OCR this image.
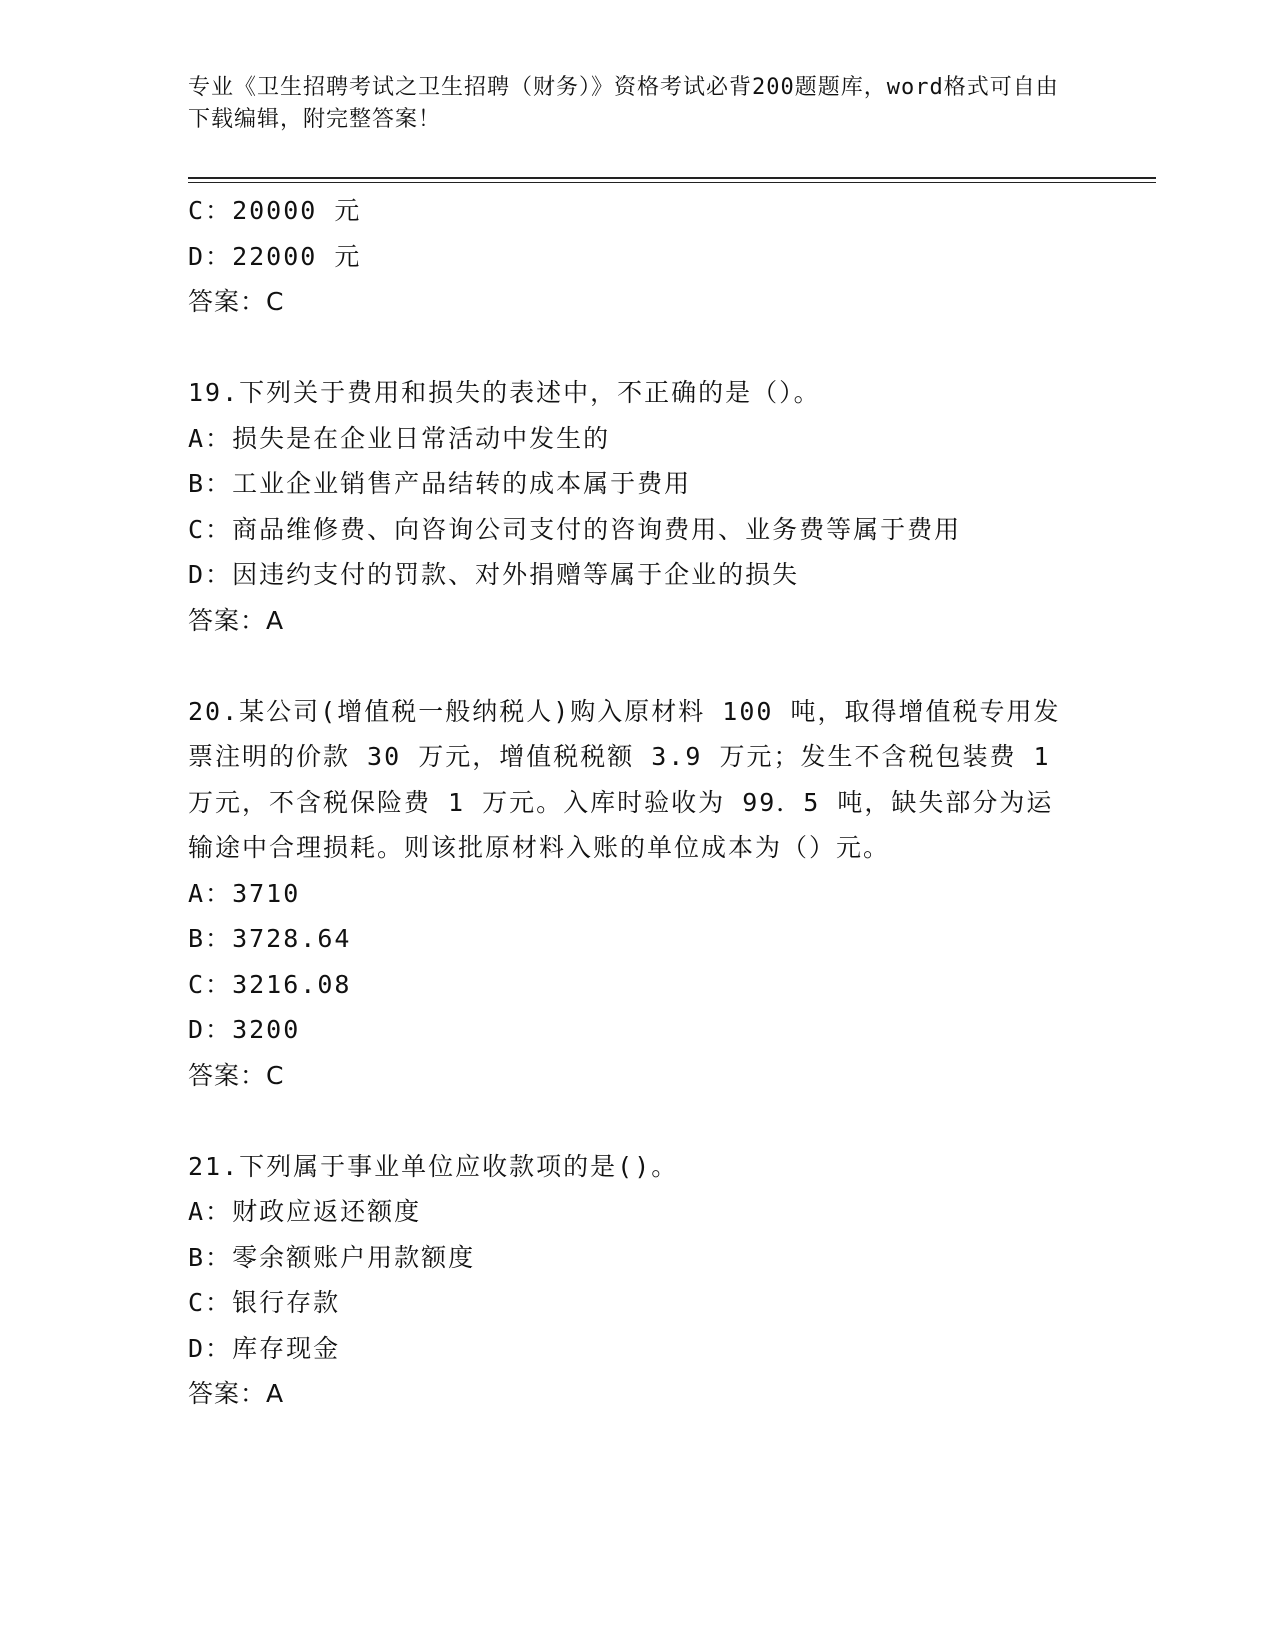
专业《卫生招聘考试之卫生招聘（财务）》资格考试必背200题题库，word格式可自由下载编辑，附完整答案！
C：20000 元
D：22000 元
答案：C
19.下列关于费用和损失的表述中，不正确的是（）。
A：损失是在企业日常活动中发生的
B：工业企业销售产品结转的成本属于费用
C：商品维修费、向咨询公司支付的咨询费用、业务费等属于费用
D：因违约支付的罚款、对外捐赠等属于企业的损失
答案：A
20.某公司(增值税一般纳税人)购入原材料 100 吨，取得增值税专用发票注明的价款 30 万元，增值税税额 3.9 万元；发生不含税包装费 1 万元，不含税保险费 1 万元。入库时验收为 99．5 吨，缺失部分为运输途中合理损耗。则该批原材料入账的单位成本为（）元。
A：3710
B：3728.64
C：3216.08
D：3200
答案：C
21.下列属于事业单位应收款项的是()。
A：财政应返还额度
B：零余额账户用款额度
C：银行存款
D：库存现金
答案：A
